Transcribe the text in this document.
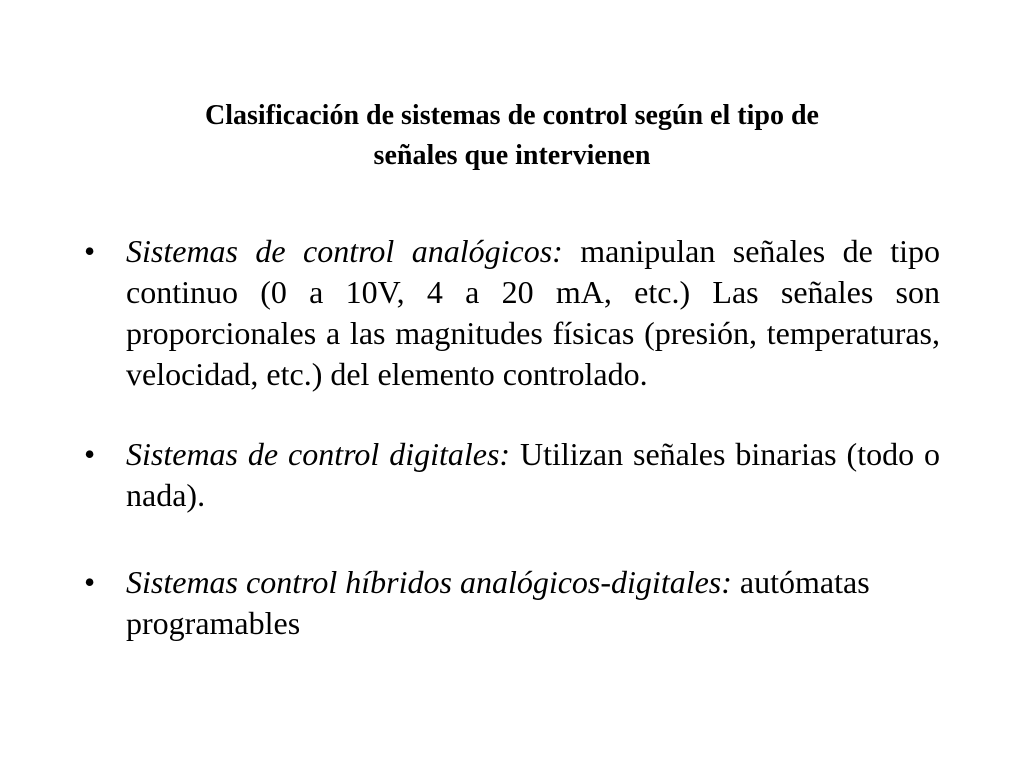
Clasificación de sistemas de control según el tipo de
señales que intervienen
• Sistemas de control analógicos: manipulan señales de tipo continuo (0 a 10V, 4 a 20 mA, etc.) Las señales son proporcionales a las magnitudes físicas (presión, temperaturas, velocidad, etc.) del elemento controlado.
• Sistemas de control digitales: Utilizan señales binarias (todo o nada).
• Sistemas control híbridos analógicos-digitales: autómatas programables
